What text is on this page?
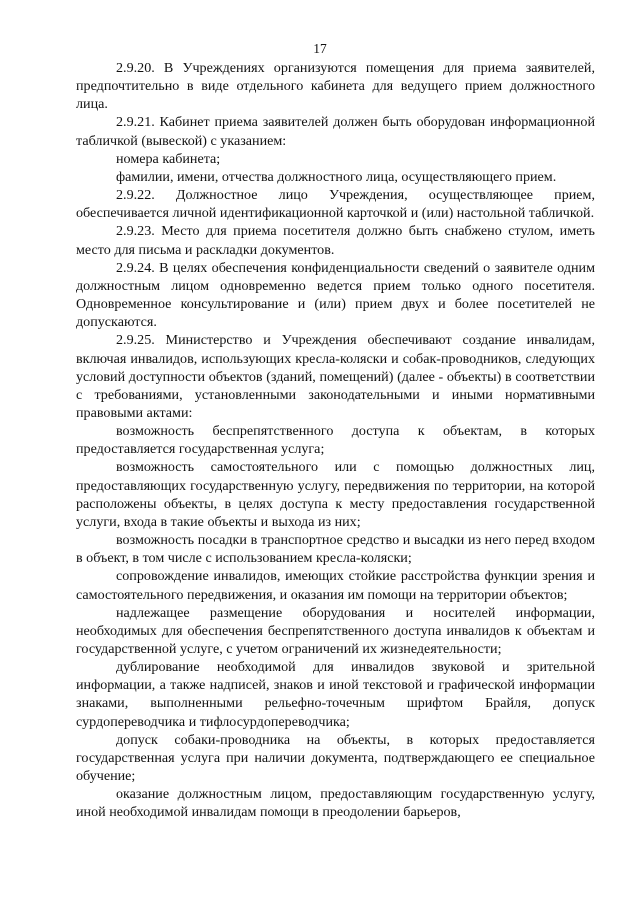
17

2.9.20. В Учреждениях организуются помещения для приема заявителей, предпочтительно в виде отдельного кабинета для ведущего прием должностного лица.

2.9.21. Кабинет приема заявителей должен быть оборудован информационной табличкой (вывеской) с указанием:

номера кабинета;

фамилии, имени, отчества должностного лица, осуществляющего прием.

2.9.22. Должностное лицо Учреждения, осуществляющее прием, обеспечивается личной идентификационной карточкой и (или) настольной табличкой.

2.9.23. Место для приема посетителя должно быть снабжено стулом, иметь место для письма и раскладки документов.

2.9.24. В целях обеспечения конфиденциальности сведений о заявителе одним должностным лицом одновременно ведется прием только одного посетителя. Одновременное консультирование и (или) прием двух и более посетителей не допускаются.

2.9.25. Министерство и Учреждения обеспечивают создание инвалидам, включая инвалидов, использующих кресла-коляски и собак-проводников, следующих условий доступности объектов (зданий, помещений) (далее - объекты) в соответствии с требованиями, установленными законодательными и иными нормативными правовыми актами:

возможность беспрепятственного доступа к объектам, в которых предоставляется государственная услуга;

возможность самостоятельного или с помощью должностных лиц, предоставляющих государственную услугу, передвижения по территории, на которой расположены объекты, в целях доступа к месту предоставления государственной услуги, входа в такие объекты и выхода из них;

возможность посадки в транспортное средство и высадки из него перед входом в объект, в том числе с использованием кресла-коляски;

сопровождение инвалидов, имеющих стойкие расстройства функции зрения и самостоятельного передвижения, и оказания им помощи на территории объектов;

надлежащее размещение оборудования и носителей информации, необходимых для обеспечения беспрепятственного доступа инвалидов к объектам и государственной услуге, с учетом ограничений их жизнедеятельности;

дублирование необходимой для инвалидов звуковой и зрительной информации, а также надписей, знаков и иной текстовой и графической информации знаками, выполненными рельефно-точечным шрифтом Брайля, допуск сурдопереводчика и тифлосурдопереводчика;

допуск собаки-проводника на объекты, в которых предоставляется государственная услуга при наличии документа, подтверждающего ее специальное обучение;

оказание должностным лицом, предоставляющим государственную услугу, иной необходимой инвалидам помощи в преодолении барьеров,
